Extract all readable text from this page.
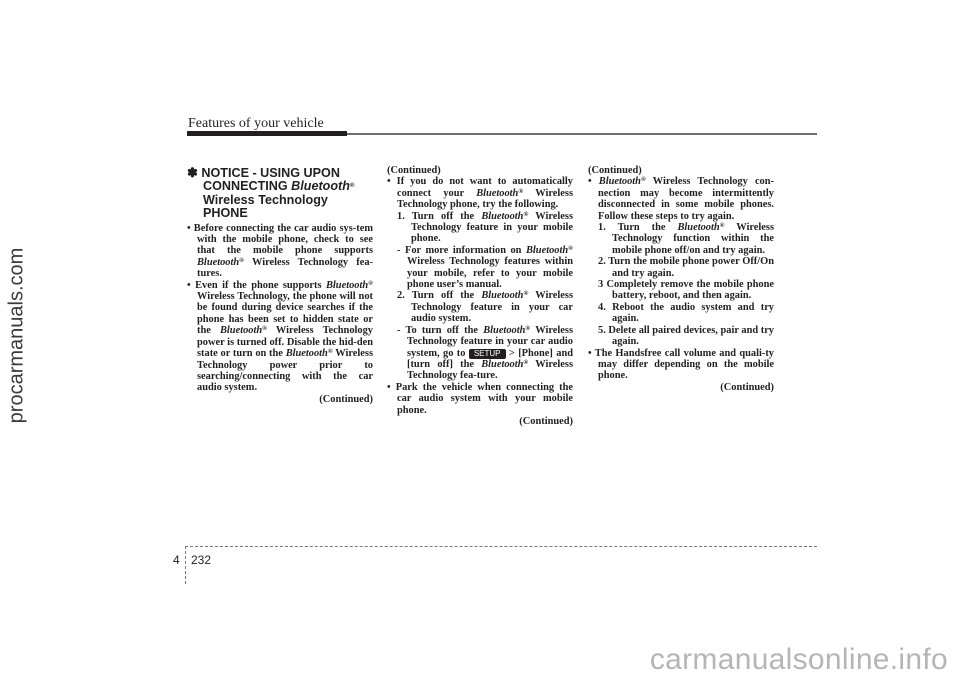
procarmanuals.com
Features of your vehicle
✽ NOTICE - USING UPON
CONNECTING Bluetooth®
Wireless Technology PHONE

• Before connecting the car audio sys-tem with the mobile phone, check to see that the mobile phone supports Bluetooth® Wireless Technology fea-tures.

• Even if the phone supports Bluetooth® Wireless Technology, the phone will not be found during device searches if the phone has been set to hidden state or the Bluetooth® Wireless Technology power is turned off. Disable the hid-den state or turn on the Bluetooth® Wireless Technology power prior to searching/connecting with the car audio system.

(Continued)

(Continued)

• If you do not want to automatically connect your Bluetooth® Wireless Technology phone, try the following.

1. Turn off the Bluetooth® Wireless Technology feature in your mobile phone.

- For more information on Bluetooth® Wireless Technology features within your mobile, refer to your mobile phone user’s manual.

2. Turn off the Bluetooth® Wireless Technology feature in your car audio system.

- To turn off the Bluetooth® Wireless Technology feature in your car audio system, go to SETUP > [Phone] and [turn off] the Bluetooth® Wireless Technology fea-ture.

• Park the vehicle when connecting the car audio system with your mobile phone.

(Continued)

(Continued)

• Bluetooth® Wireless Technology con-nection may become intermittently disconnected in some mobile phones. Follow these steps to try again.

1. Turn the Bluetooth® Wireless Technology function within the mobile phone off/on and try again.

2. Turn the mobile phone power Off/On and try again.

3 Completely remove the mobile phone battery, reboot, and then again.

4. Reboot the audio system and try again.

5. Delete all paired devices, pair and try again.

• The Handsfree call volume and quali-ty may differ depending on the mobile phone.

(Continued)

4 232
carmanualsonline.info
